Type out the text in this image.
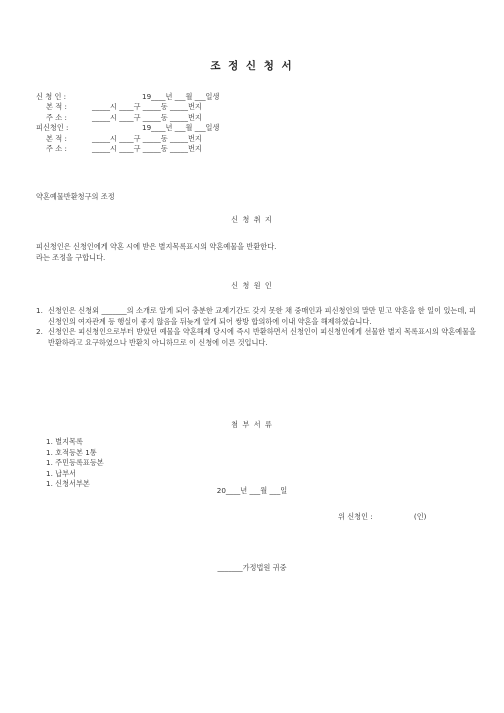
조 정 신 청 서
신 청 인 :	19____년 ___월 ___일생
본 적 :	_____시 ____구 _____동 _____번지
주 소 :	_____시 ____구 _____동 _____번지
피신청인 :	19____년 ___월 ___일생
본 적 :	_____시 ____구 _____동 _____번지
주 소 :	_____시 ____구 _____동 _____번지
약혼예물반환청구의 조정
신 청 취 지
피신청인은 신청인에게 약혼 시에 받은 별지목록표시의 약혼예물을 반환한다.
라는 조정을 구합니다.
신 청 원 인
1. 신청인은 신청외 _______의 소개로 알게 되어 충분한 교제기간도 갖지 못한 채 중매인과 피신청인의 말만 믿고 약혼을 한 일이 있는데, 피신청인의 여자관계 등 행실이 좋지 않음을 뒤늦게 알게 되어 쌍방 합의하에 이내 약혼을 해제하였습니다.
2. 신청인은 피신청인으로부터 받았던 예물을 약혼해제 당시에 즉시 반환하면서 신청인이 피신청인에게 선물한 별지 목록표시의 약혼예물을 반환하라고 요구하였으나 반환치 아니하므로 이 신청에 이른 것입니다.
첨 부 서 류
1. 별지목록
1. 호적등본 1통
1. 주민등록표등본
1. 납부서
1. 신청서부본
20____년 ___월 ___일
위 신청인 :                  (인)
_______가정법원 귀중
